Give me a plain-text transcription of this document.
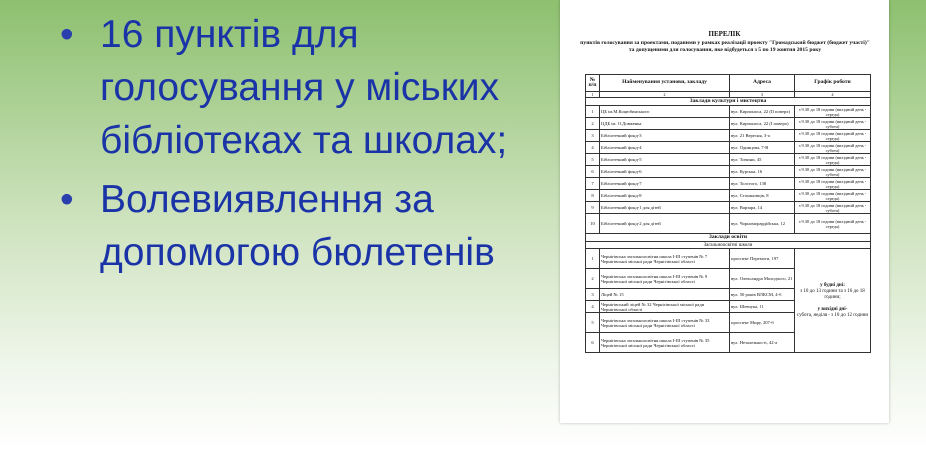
• 16 пунктів для голосування у міських бібліотеках та школах;
• Волевиявлення за допомогою бюлетенів
ПЕРЕЛІК
пунктів голосування за проектами, поданими у рамках реалізації проекту "Громадський бюджет (бюджет участі)" та допущеними для голосування, яке відбудеться з 5 по 19 жовтня 2015 року
№ п/п	Найменування установи, закладу	Адреса	Графік роботи
1	2	3	4
Заклади культури і мистецтва			
1	ЦБ ім.М.Коцюбинського	вул. Кирпоноса, 22 (II поверх)	з 9.30 до 18 години (вихідний день - середа)
2	ЦДБ ім. О.Довженка	вул. Кирпоноса, 22 (I поверх)	з 9.30 до 18 години (вихідний день - субота)
3	Бібліотечний фонд-3	вул. 21 Вересня, 3-а	з 9.30 до 18 години (вихідний день - середа)
4	Бібліотечний фонд-4	вул. Одинцова, 7-В	з 9.30 до 18 години (вихідний день - субота)
5	Бібліотечний фонд-5	вул. Тичини, 45	з 9.30 до 18 години (вихідний день - середа)
6	Бібліотечний фонд-6	вул. Курська, 16	з 9.30 до 18 години (вихідний день - субота)
7	Бібліотечний фонд-7	вул. Толстого, 138	з 9.30 до 18 години (вихідний день - середа)
8	Бібліотечний фонд-8	вул. Стахановців, 8	з 9.30 до 18 години (вихідний день - середа)
9	Бібліотечний фонд-1 для дітей	вул. Варзара, 14	з 9.30 до 18 години (вихідний день - субота)
10	Бібліотечний фонд-2 для дітей	вул. Чорноморардійська, 12	з 9.30 до 18 години (вихідний день - середа)
Заклади освіти			
Загальноосвітні школи			
1	Чернігівська загальноосвітня школа І-ІІІ ступенів № 7 Чернігівської міської ради Чернігівської області	проспект Перемоги, 197	у будні дні:
з 10 до 13 години та з 16 до 18 години;

у вихідні дні-
субота, неділя - з 10 до 12 години
2	Чернігівська загальноосвітня школа І-ІІІ ступенів № 9 Чернігівської міської ради Чернігівської області	вул. Олександра Молодчого, 21	
3	Ліцей № 15	вул. 50 років ВЛКСМ, 4-б	
4	Чернігівський ліцей № 32 Чернігівської міської ради Чернігівської області	вул. Шевчука, 11	
5	Чернігівська загальноосвітня школа І-ІІІ ступенів № 33 Чернігівської міської ради Чернігівської області	проспект Миру, 207-б	
6	Чернігівська загальноосвітня школа І-ІІІ ступенів № 35 Чернігівської міської ради Чернігівської області	вул. Незалежності, 42-а	
